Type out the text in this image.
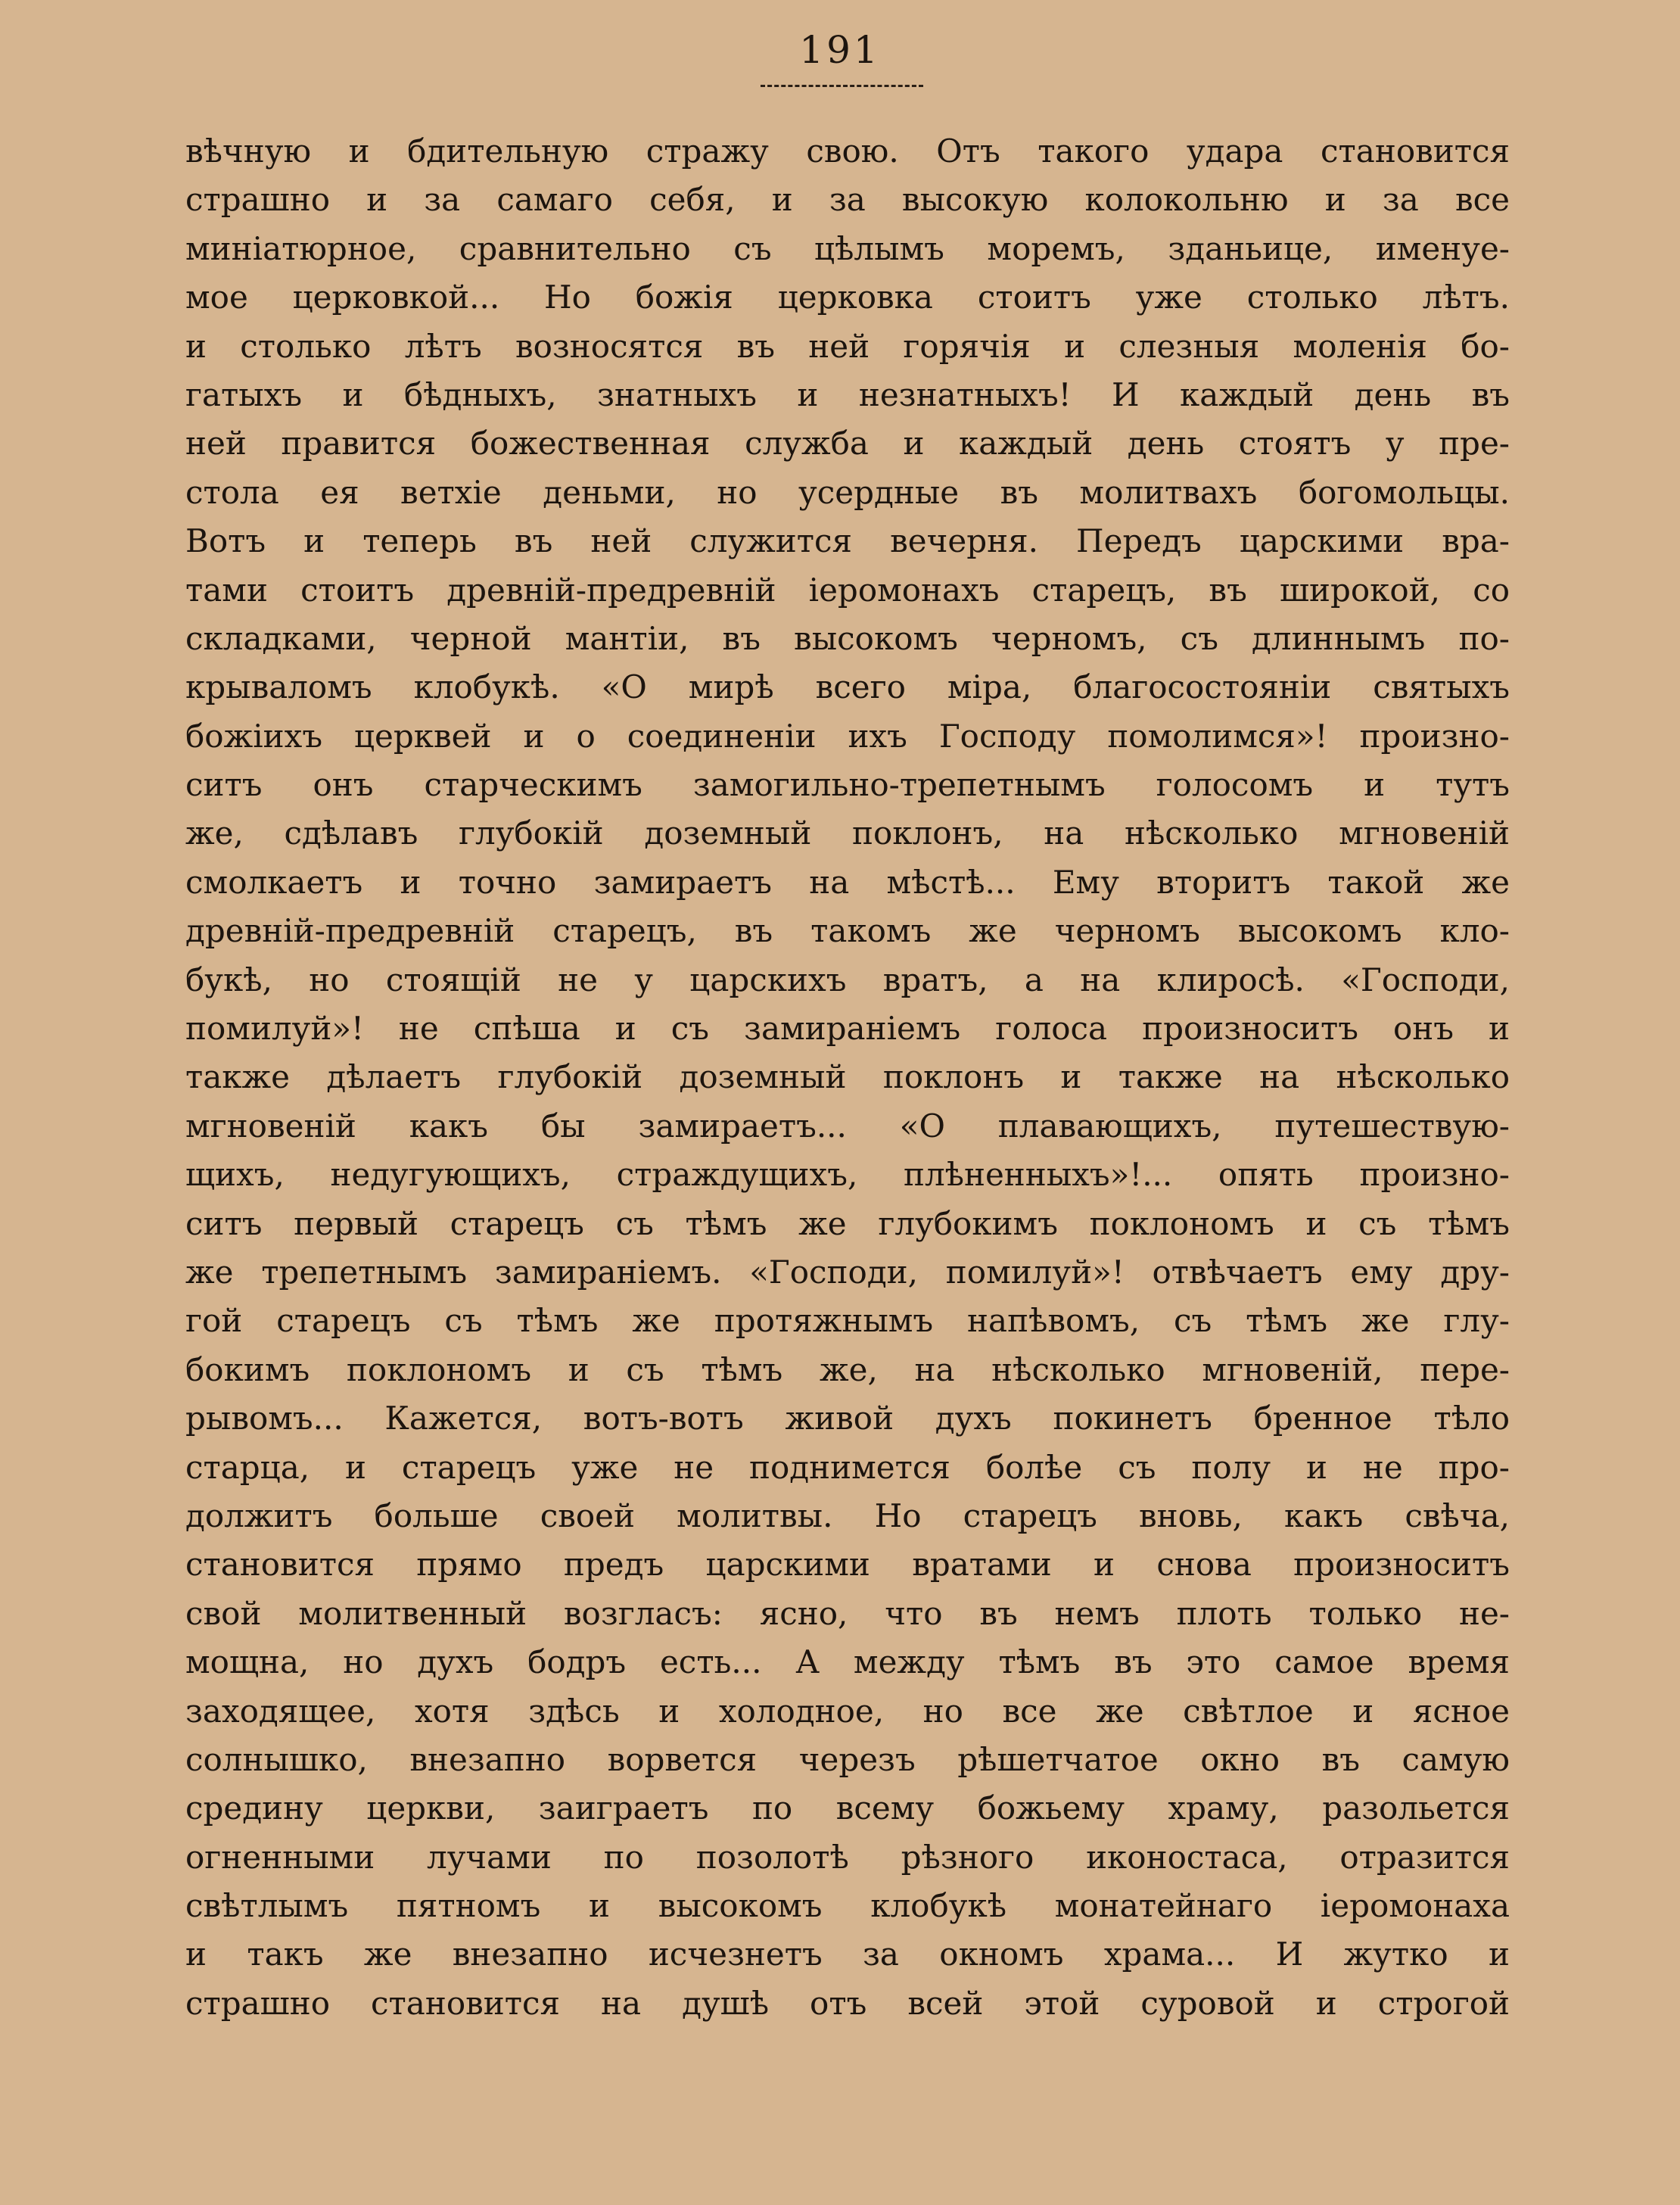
191
вѣчную и бдительную стражу свою. Отъ такого удара становится
страшно и за самаго себя, и за высокую колокольню и за все
миніатюрное, сравнительно съ цѣлымъ моремъ, зданьице, именуе-
мое церковкой... Но божія церковка стоитъ уже столько лѣтъ.
и столько лѣтъ возносятся въ ней горячія и слезныя моленія бо-
гатыхъ и бѣдныхъ, знатныхъ и незнатныхъ! И каждый день въ
ней правится божественная служба и каждый день стоятъ у пре-
стола ея ветхіе деньми, но усердные въ молитвахъ богомольцы.
Вотъ и теперь въ ней служится вечерня. Передъ царскими вра-
тами стоитъ древній-предревній іеромонахъ старецъ, въ широкой, со
складками, черной мантіи, въ высокомъ черномъ, съ длиннымъ по-
крываломъ клобукѣ. «О мирѣ всего міра, благосостояніи святыхъ
божіихъ церквей и о соединеніи ихъ Господу помолимся»! произно-
ситъ онъ старческимъ замогильно-трепетнымъ голосомъ и тутъ
же, сдѣлавъ глубокій доземный поклонъ, на нѣсколько мгновеній
смолкаетъ и точно замираетъ на мѣстѣ... Ему вторитъ такой же
древній-предревній старецъ, въ такомъ же черномъ высокомъ кло-
букѣ, но стоящій не у царскихъ вратъ, а на клиросѣ. «Господи,
помилуй»! не спѣша и съ замираніемъ голоса произноситъ онъ и
также дѣлаетъ глубокій доземный поклонъ и также на нѣсколько
мгновеній какъ бы замираетъ... «О плавающихъ, путешествую-
щихъ, недугующихъ, страждущихъ, плѣненныхъ»!... опять произно-
ситъ первый старецъ съ тѣмъ же глубокимъ поклономъ и съ тѣмъ
же трепетнымъ замираніемъ. «Господи, помилуй»! отвѣчаетъ ему дру-
гой старецъ съ тѣмъ же протяжнымъ напѣвомъ, съ тѣмъ же глу-
бокимъ поклономъ и съ тѣмъ же, на нѣсколько мгновеній, пере-
рывомъ... Кажется, вотъ-вотъ живой духъ покинетъ бренное тѣло
старца, и старецъ уже не поднимется болѣе съ полу и не про-
должитъ больше своей молитвы. Но старецъ вновь, какъ свѣча,
становится прямо предъ царскими вратами и снова произноситъ
свой молитвенный возгласъ: ясно, что въ немъ плоть только не-
мощна, но духъ бодръ есть... А между тѣмъ въ это самое время
заходящее, хотя здѣсь и холодное, но все же свѣтлое и ясное
солнышко, внезапно ворвется черезъ рѣшетчатое окно въ самую
средину церкви, заиграетъ по всему божьему храму, разольется
огненными лучами по позолотѣ рѣзного иконостаса, отразится
свѣтлымъ пятномъ и высокомъ клобукѣ монатейнаго іеромонаха
и такъ же внезапно исчезнетъ за окномъ храма... И жутко и
страшно становится на душѣ отъ всей этой суровой и строгой
